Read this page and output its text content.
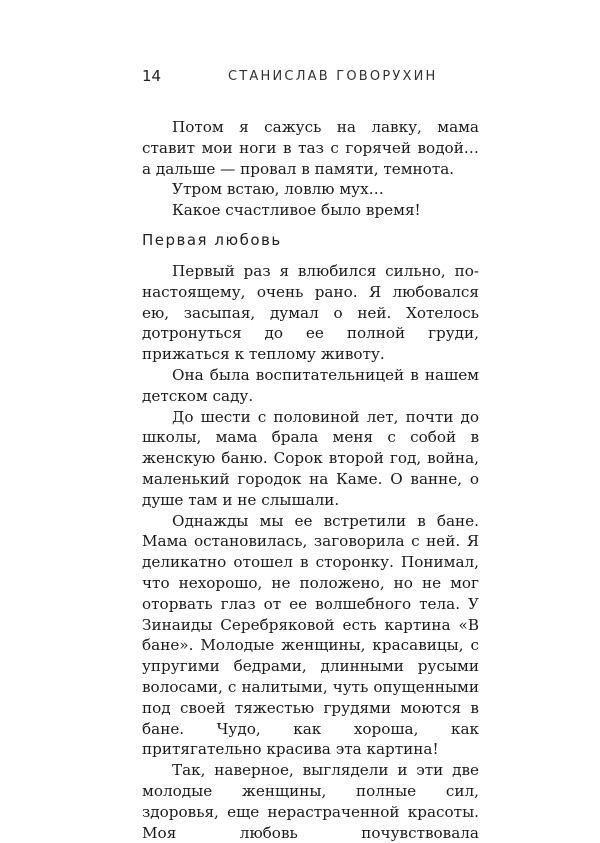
14	СТАНИСЛАВ ГОВОРУХИН

Потом я сажусь на лавку, мама ставит мои ноги в таз с горячей водой… а дальше — провал в памяти, темнота.

Утром встаю, ловлю мух…

Какое счастливое было время!

Первая любовь

Первый раз я влюбился сильно, по-настоящему, очень рано. Я любовался ею, засыпая, думал о ней. Хотелось дотронуться до ее полной груди, прижаться к теплому животу.

Она была воспитательницей в нашем детском саду.

До шести с половиной лет, почти до школы, мама брала меня с собой в женскую баню. Сорок второй год, война, маленький городок на Каме. О ванне, о душе там и не слышали.

Однажды мы ее встретили в бане. Мама остановилась, заговорила с ней. Я деликатно отошел в сторонку. Понимал, что нехорошо, не положено, но не мог оторвать глаз от ее волшебного тела. У Зинаиды Серебряковой есть картина «В бане». Молодые женщины, красавицы, с упругими бедрами, длинными русыми волосами, с налитыми, чуть опущенными под своей тяжестью грудями моются в бане. Чудо, как хороша, как притягательно красива эта картина!

Так, наверное, выглядели и эти две молодые женщины, полные сил, здоровья, еще нерастраченной красоты. Моя любовь почувствовала
